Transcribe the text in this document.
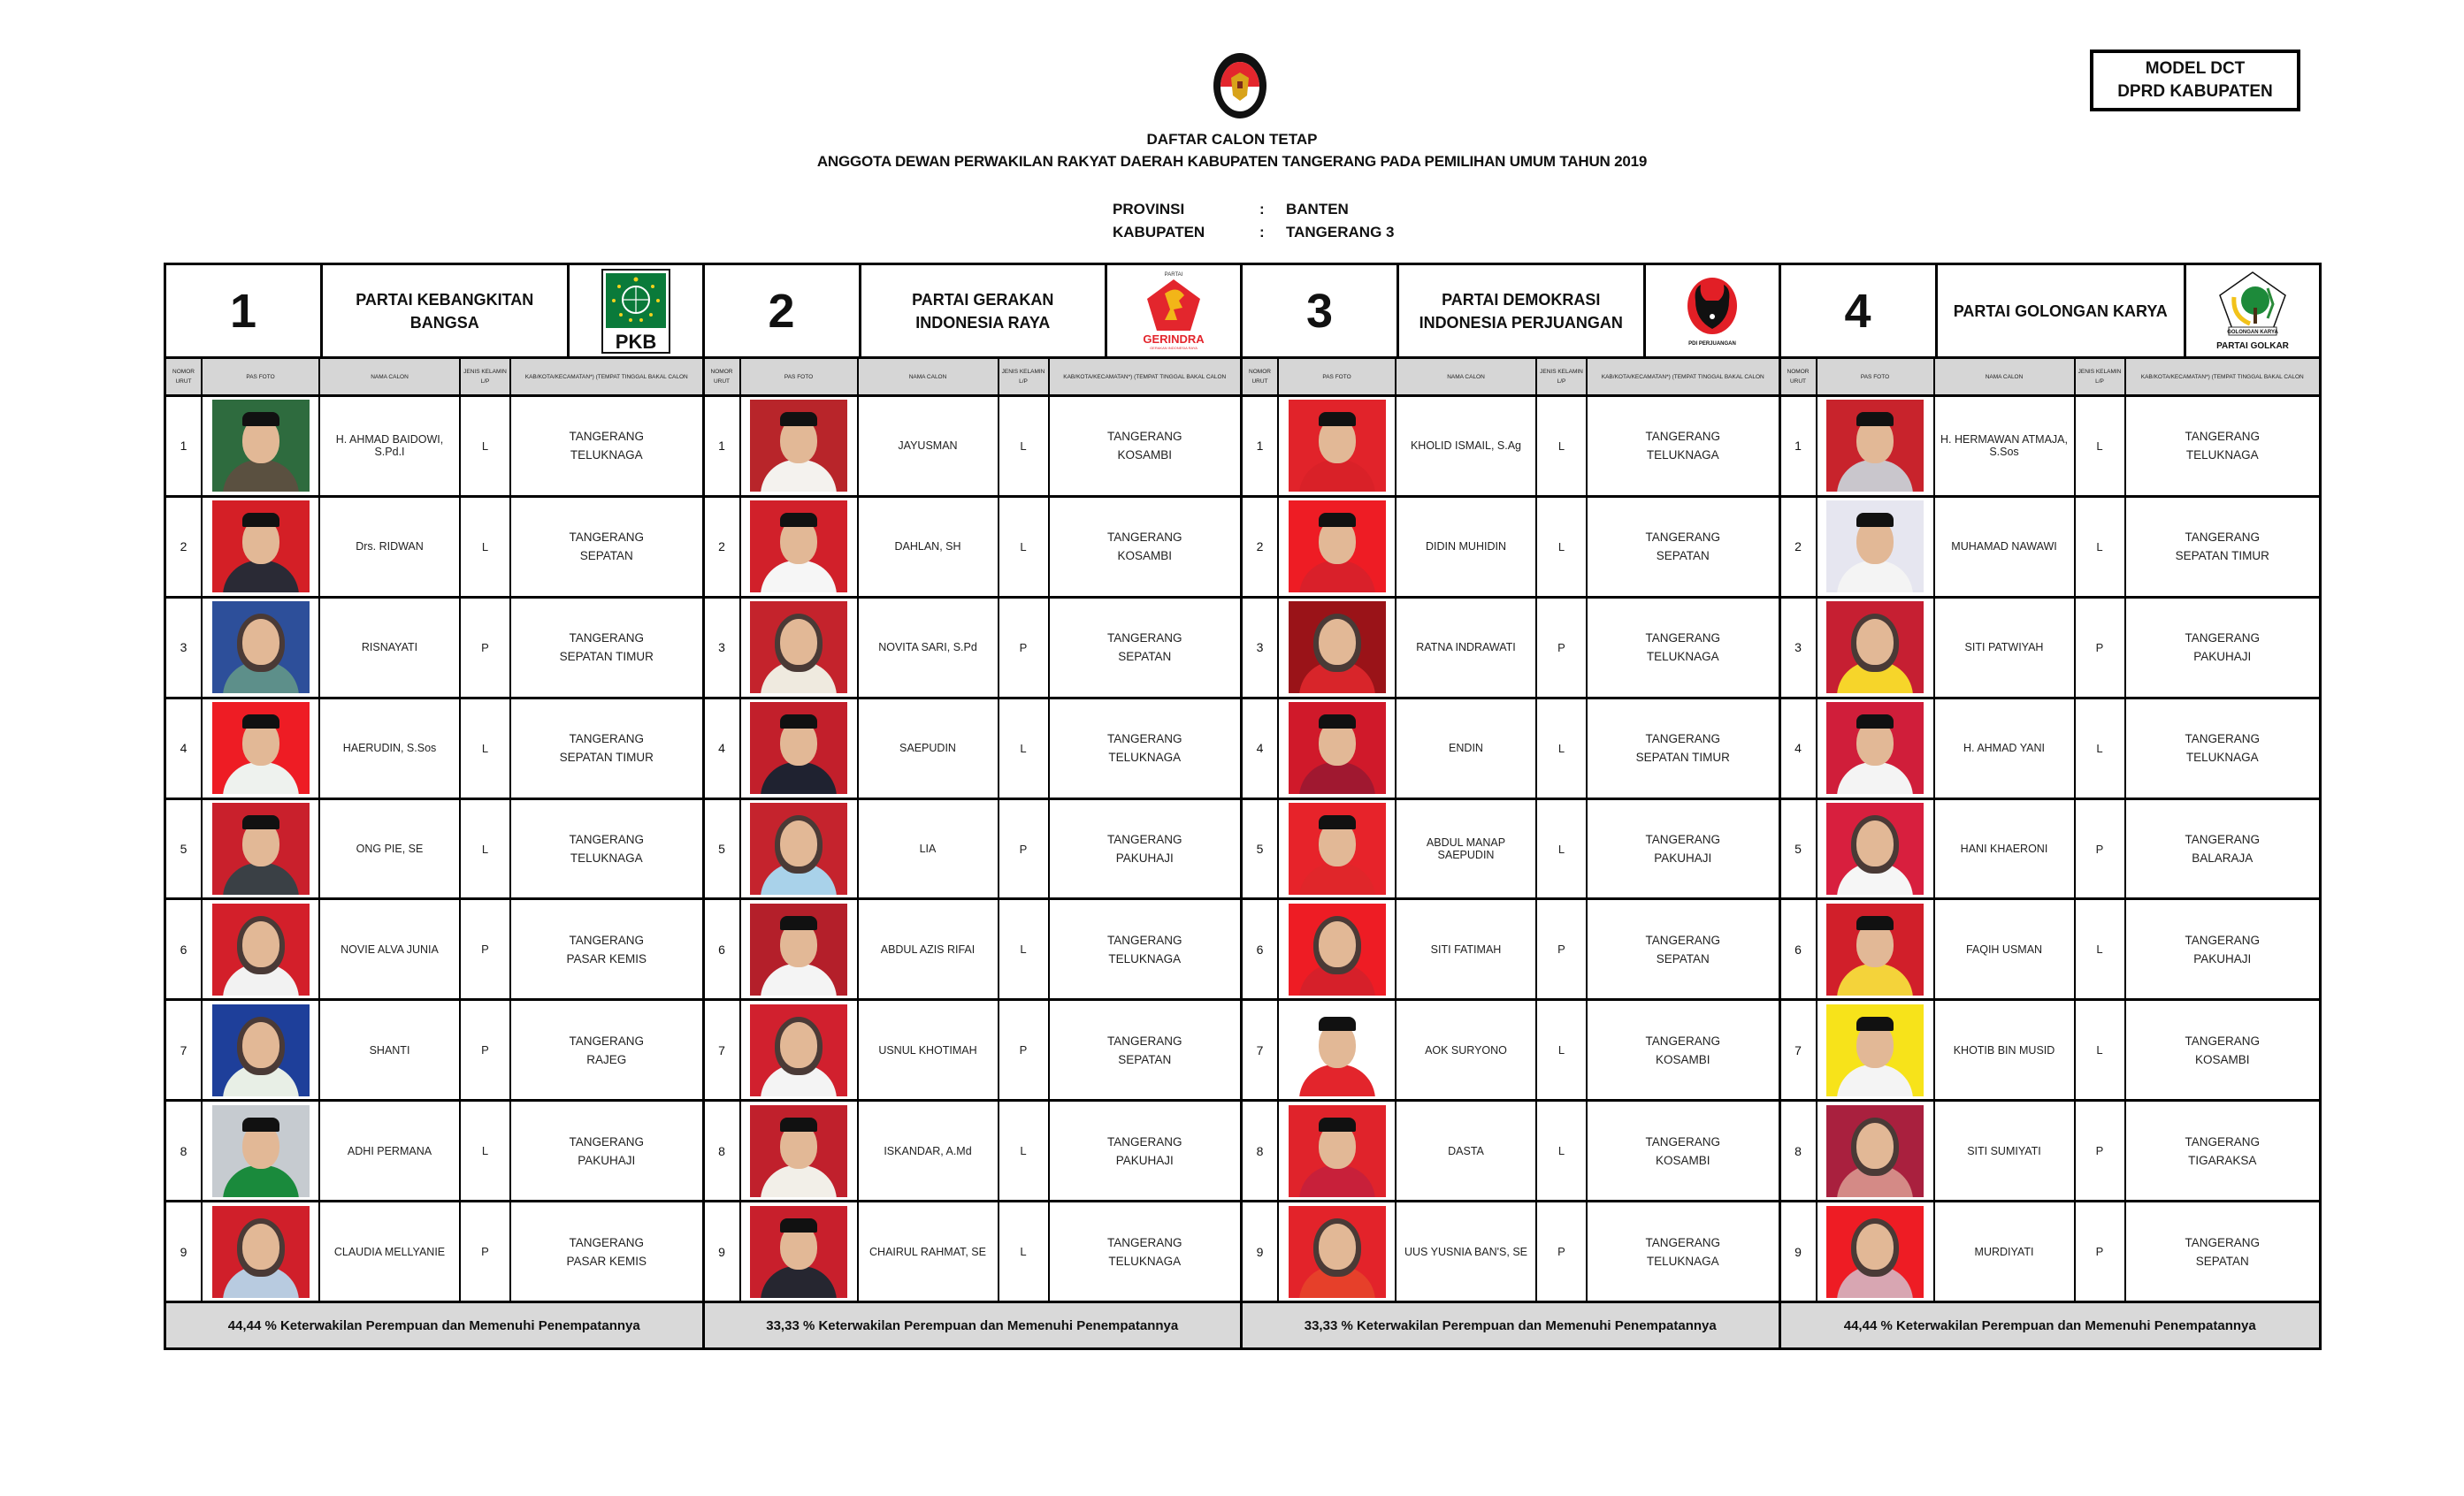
MODEL DCT
DPRD KABUPATEN
DAFTAR CALON TETAP
ANGGOTA DEWAN PERWAKILAN RAKYAT DAERAH KABUPATEN TANGERANG PADA PEMILIHAN UMUM TAHUN 2019
PROVINSI	:	BANTEN
KABUPATEN	:	TANGERANG 3
1	PARTAI KEBANGKITAN BANGSA
PKB
NOMOR URUT
PAS FOTO	NAMA CALON
JENIS KELAMIN L/P
KAB/KOTA/KECAMATAN*) (TEMPAT TINGGAL BAKAL CALON
1	H. AHMAD BAIDOWI, S.Pd.I	L
TANGERANG
TELUKNAGA
2	Drs. RIDWAN	L
TANGERANG
SEPATAN
3	RISNAYATI	P
TANGERANG
SEPATAN TIMUR
4	HAERUDIN, S.Sos	L
TANGERANG
SEPATAN TIMUR
5	ONG PIE, SE	L
TANGERANG
TELUKNAGA
6	NOVIE ALVA JUNIA	P
TANGERANG
PASAR KEMIS
7	SHANTI	P
TANGERANG
RAJEG
8	ADHI PERMANA	L
TANGERANG
PAKUHAJI
9	CLAUDIA MELLYANIE	P
TANGERANG
PASAR KEMIS
44,44 % Keterwakilan Perempuan dan Memenuhi Penempatannya
2	PARTAI GERAKAN INDONESIA RAYA
PARTAI
GERINDRA
GERAKAN INDONESIA RAYA
NOMOR URUT
PAS FOTO	NAMA CALON
JENIS KELAMIN L/P
KAB/KOTA/KECAMATAN*) (TEMPAT TINGGAL BAKAL CALON
1	JAYUSMAN	L
TANGERANG
KOSAMBI
2	DAHLAN, SH	L
TANGERANG
KOSAMBI
3	NOVITA SARI, S.Pd	P
TANGERANG
SEPATAN
4	SAEPUDIN	L
TANGERANG
TELUKNAGA
5	LIA	P
TANGERANG
PAKUHAJI
6	ABDUL AZIS RIFAI	L
TANGERANG
TELUKNAGA
7	USNUL KHOTIMAH	P
TANGERANG
SEPATAN
8	ISKANDAR, A.Md	L
TANGERANG
PAKUHAJI
9	CHAIRUL RAHMAT, SE	L
TANGERANG
TELUKNAGA
33,33 % Keterwakilan Perempuan dan Memenuhi Penempatannya
3	PARTAI DEMOKRASI INDONESIA PERJUANGAN
PDI PERJUANGAN
NOMOR URUT
PAS FOTO	NAMA CALON
JENIS KELAMIN L/P
KAB/KOTA/KECAMATAN*) (TEMPAT TINGGAL BAKAL CALON
1	KHOLID ISMAIL, S.Ag	L
TANGERANG
TELUKNAGA
2	DIDIN MUHIDIN	L
TANGERANG
SEPATAN
3	RATNA INDRAWATI	P
TANGERANG
TELUKNAGA
4	ENDIN	L
TANGERANG
SEPATAN TIMUR
5	ABDUL MANAP SAEPUDIN	L
TANGERANG
PAKUHAJI
6	SITI FATIMAH	P
TANGERANG
SEPATAN
7	AOK SURYONO	L
TANGERANG
KOSAMBI
8	DASTA	L
TANGERANG
KOSAMBI
9	UUS YUSNIA BAN'S, SE	P
TANGERANG
TELUKNAGA
33,33 % Keterwakilan Perempuan dan Memenuhi Penempatannya
4	PARTAI GOLONGAN KARYA
GOLONGAN KARYA
PARTAI GOLKAR
NOMOR URUT
PAS FOTO	NAMA CALON
JENIS KELAMIN L/P
KAB/KOTA/KECAMATAN*) (TEMPAT TINGGAL BAKAL CALON
1	H. HERMAWAN ATMAJA, S.Sos	L
TANGERANG
TELUKNAGA
2	MUHAMAD NAWAWI	L
TANGERANG
SEPATAN TIMUR
3	SITI PATWIYAH	P
TANGERANG
PAKUHAJI
4	H. AHMAD YANI	L
TANGERANG
TELUKNAGA
5	HANI KHAERONI	P
TANGERANG
BALARAJA
6	FAQIH USMAN	L
TANGERANG
PAKUHAJI
7	KHOTIB BIN MUSID	L
TANGERANG
KOSAMBI
8	SITI SUMIYATI	P
TANGERANG
TIGARAKSA
9	MURDIYATI	P
TANGERANG
SEPATAN
44,44 % Keterwakilan Perempuan dan Memenuhi Penempatannya
